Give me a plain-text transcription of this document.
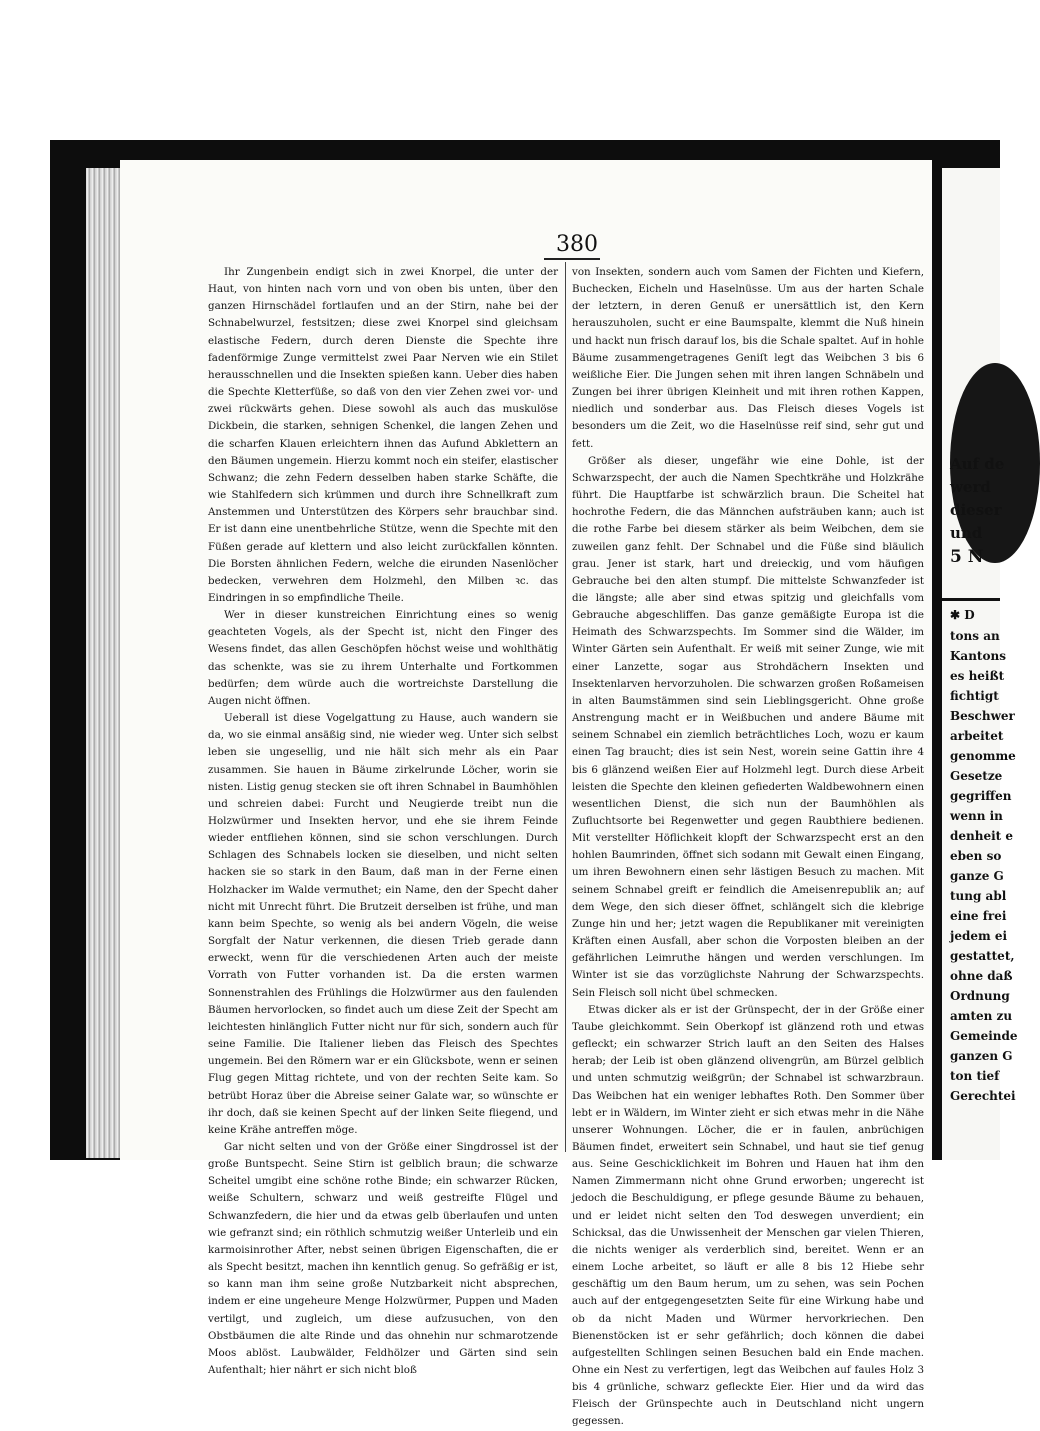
Auf de
werd
dieser
und
5 N
✱ D
tons an
Kantons
es heißt
fichtigt
Beschwer
arbeitet
genomme
Gesetze
gegriffen
wenn in
denheit e
eben so
ganze G
tung abl
eine frei
jedem ei
gestattet,
ohne daß
Ordnung
amten zu
Gemeinde
ganzen G
ton tief
Gerechtei
380

Ihr Zungenbein endigt sich in zwei Knorpel, die unter der Haut, von hinten nach vorn und von oben bis unten, über den ganzen Hirnschädel fortlaufen und an der Stirn, nahe bei der Schnabelwurzel, festsitzen; diese zwei Knorpel sind gleichsam elastische Federn, durch deren Dienste die Spechte ihre fadenförmige Zunge vermittelst zwei Paar Nerven wie ein Stilet herausschnellen und die Insekten spießen kann. Ueber dies haben die Spechte Kletterfüße, so daß von den vier Zehen zwei vor- und zwei rückwärts gehen. Diese sowohl als auch das muskulöse Dickbein, die starken, sehnigen Schenkel, die langen Zehen und die scharfen Klauen erleichtern ihnen das Aufund Abklettern an den Bäumen ungemein. Hierzu kommt noch ein steifer, elastischer Schwanz; die zehn Federn desselben haben starke Schäfte, die wie Stahlfedern sich krümmen und durch ihre Schnellkraft zum Anstemmen und Unterstützen des Körpers sehr brauchbar sind. Er ist dann eine unentbehrliche Stütze, wenn die Spechte mit den Füßen gerade auf klettern und also leicht zurückfallen könnten. Die Borsten ähnlichen Federn, welche die eirunden Nasenlöcher bedecken, verwehren dem Holzmehl, den Milben ꝛc. das Eindringen in so empfindliche Theile.

Wer in dieser kunstreichen Einrichtung eines so wenig geachteten Vogels, als der Specht ist, nicht den Finger des Wesens findet, das allen Geschöpfen höchst weise und wohlthätig das schenkte, was sie zu ihrem Unterhalte und Fortkommen bedürfen; dem würde auch die wortreichste Darstellung die Augen nicht öffnen.

Ueberall ist diese Vogelgattung zu Hause, auch wandern sie da, wo sie einmal ansäßig sind, nie wieder weg. Unter sich selbst leben sie ungesellig, und nie hält sich mehr als ein Paar zusammen. Sie hauen in Bäume zirkelrunde Löcher, worin sie nisten. Listig genug stecken sie oft ihren Schnabel in Baumhöhlen und schreien dabei: Furcht und Neugierde treibt nun die Holzwürmer und Insekten hervor, und ehe sie ihrem Feinde wieder entfliehen können, sind sie schon verschlungen. Durch Schlagen des Schnabels locken sie dieselben, und nicht selten hacken sie so stark in den Baum, daß man in der Ferne einen Holzhacker im Walde vermuthet; ein Name, den der Specht daher nicht mit Unrecht führt. Die Brutzeit derselben ist frühe, und man kann beim Spechte, so wenig als bei andern Vögeln, die weise Sorgfalt der Natur verkennen, die diesen Trieb gerade dann erweckt, wenn für die verschiedenen Arten auch der meiste Vorrath von Futter vorhanden ist. Da die ersten warmen Sonnenstrahlen des Frühlings die Holzwürmer aus den faulenden Bäumen hervorlocken, so findet auch um diese Zeit der Specht am leichtesten hinlänglich Futter nicht nur für sich, sondern auch für seine Familie. Die Italiener lieben das Fleisch des Spechtes ungemein. Bei den Römern war er ein Glücksbote, wenn er seinen Flug gegen Mittag richtete, und von der rechten Seite kam. So betrübt Horaz über die Abreise seiner Galate war, so wünschte er ihr doch, daß sie keinen Specht auf der linken Seite fliegend, und keine Krähe antreffen möge.

Gar nicht selten und von der Größe einer Singdrossel ist der große Buntspecht. Seine Stirn ist gelblich braun; die schwarze Scheitel umgibt eine schöne rothe Binde; ein schwarzer Rücken, weiße Schultern, schwarz und weiß gestreifte Flügel und Schwanzfedern, die hier und da etwas gelb überlaufen und unten wie gefranzt sind; ein röthlich schmutzig weißer Unterleib und ein karmoisinrother After, nebst seinen übrigen Eigenschaften, die er als Specht besitzt, machen ihn kenntlich genug. So gefräßig er ist, so kann man ihm seine große Nutzbarkeit nicht absprechen, indem er eine ungeheure Menge Holzwürmer, Puppen und Maden vertilgt, und zugleich, um diese aufzusuchen, von den Obstbäumen die alte Rinde und das ohnehin nur schmarotzende Moos ablöst. Laubwälder, Feldhölzer und Gärten sind sein Aufenthalt; hier nährt er sich nicht bloß

von Insekten, sondern auch vom Samen der Fichten und Kiefern, Buchecken, Eicheln und Haselnüsse. Um aus der harten Schale der letztern, in deren Genuß er unersättlich ist, den Kern herauszuholen, sucht er eine Baumspalte, klemmt die Nuß hinein und hackt nun frisch darauf los, bis die Schale spaltet. Auf in hohle Bäume zusammengetragenes Geniſt legt das Weibchen 3 bis 6 weißliche Eier. Die Jungen sehen mit ihren langen Schnäbeln und Zungen bei ihrer übrigen Kleinheit und mit ihren rothen Kappen, niedlich und sonderbar aus. Das Fleisch dieses Vogels ist besonders um die Zeit, wo die Haselnüsse reif sind, sehr gut und fett.

Größer als dieser, ungefähr wie eine Dohle, ist der Schwarzspecht, der auch die Namen Spechtkrähe und Holzkrähe führt. Die Hauptfarbe ist schwärzlich braun. Die Scheitel hat hochrothe Federn, die das Männchen aufsträuben kann; auch ist die rothe Farbe bei diesem stärker als beim Weibchen, dem sie zuweilen ganz fehlt. Der Schnabel und die Füße sind bläulich grau. Jener ist stark, hart und dreieckig, und vom häufigen Gebrauche bei den alten stumpf. Die mittelste Schwanzfeder ist die längste; alle aber sind etwas spitzig und gleichfalls vom Gebrauche abgeschliffen. Das ganze gemäßigte Europa ist die Heimath des Schwarzspechts. Im Sommer sind die Wälder, im Winter Gärten sein Aufenthalt. Er weiß mit seiner Zunge, wie mit einer Lanzette, sogar aus Strohdächern Insekten und Insektenlarven hervorzuholen. Die schwarzen großen Roßameisen in alten Baumstämmen sind sein Lieblingsgericht. Ohne große Anstrengung macht er in Weißbuchen und andere Bäume mit seinem Schnabel ein ziemlich beträchtliches Loch, wozu er kaum einen Tag braucht; dies ist sein Nest, worein seine Gattin ihre 4 bis 6 glänzend weißen Eier auf Holzmehl legt. Durch diese Arbeit leisten die Spechte den kleinen gefiederten Waldbewohnern einen wesentlichen Dienst, die sich nun der Baumhöhlen als Zufluchtsorte bei Regenwetter und gegen Raubthiere bedienen. Mit verstellter Höflichkeit klopft der Schwarzspecht erst an den hohlen Baumrinden, öffnet sich sodann mit Gewalt einen Eingang, um ihren Bewohnern einen sehr lästigen Besuch zu machen. Mit seinem Schnabel greift er feindlich die Ameisenrepublik an; auf dem Wege, den sich dieser öffnet, schlängelt sich die klebrige Zunge hin und her; jetzt wagen die Republikaner mit vereinigten Kräften einen Ausfall, aber schon die Vorposten bleiben an der gefährlichen Leimruthe hängen und werden verschlungen. Im Winter ist sie das vorzüglichste Nahrung der Schwarzspechts. Sein Fleisch soll nicht übel schmecken.

Etwas dicker als er ist der Grünspecht, der in der Größe einer Taube gleichkommt. Sein Oberkopf ist glänzend roth und etwas gefleckt; ein schwarzer Strich lauft an den Seiten des Halses herab; der Leib ist oben glänzend olivengrün, am Bürzel gelblich und unten schmutzig weißgrün; der Schnabel ist schwarzbraun. Das Weibchen hat ein weniger lebhaftes Roth. Den Sommer über lebt er in Wäldern, im Winter zieht er sich etwas mehr in die Nähe unserer Wohnungen. Löcher, die er in faulen, anbrüchigen Bäumen findet, erweitert sein Schnabel, und haut sie tief genug aus. Seine Geschicklichkeit im Bohren und Hauen hat ihm den Namen Zimmermann nicht ohne Grund erworben; ungerecht ist jedoch die Beschuldigung, er pflege gesunde Bäume zu behauen, und er leidet nicht selten den Tod deswegen unverdient; ein Schicksal, das die Unwissenheit der Menschen gar vielen Thieren, die nichts weniger als verderblich sind, bereitet. Wenn er an einem Loche arbeitet, so läuft er alle 8 bis 12 Hiebe sehr geschäftig um den Baum herum, um zu sehen, was sein Pochen auch auf der entgegengesetzten Seite für eine Wirkung habe und ob da nicht Maden und Würmer hervorkriechen. Den Bienenstöcken ist er sehr gefährlich; doch können die dabei aufgestellten Schlingen seinen Besuchen bald ein Ende machen. Ohne ein Nest zu verfertigen, legt das Weibchen auf faules Holz 3 bis 4 grünliche, schwarz gefleckte Eier. Hier und da wird das Fleisch der Grünspechte auch in Deutschland nicht ungern gegessen.
